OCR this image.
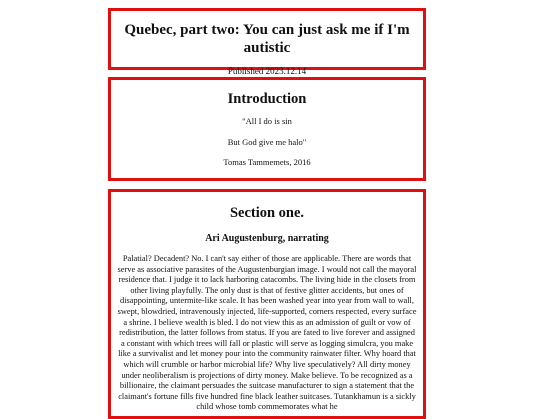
Quebec, part two: You can just ask me if I'm autistic

Published 2023.12.14

Introduction

"All I do is sin

But God give me halo"

Tomas Tammemets, 2016

Section one.
Ari Augustenburg, narrating

Palatial? Decadent? No. I can't say either of those are applicable. There are words that serve as associative parasites of the Augustenburgian image. I would not call the mayoral residence that. I judge it to lack harboring catacombs. The living hide in the closets from other living playfully. The only dust is that of festive glitter accidents, but ones of disappointing, untermite-like scale. It has been washed year into year from wall to wall, swept, blowdried, intravenously injected, life-supported, corners respected, every surface a shrine. I believe wealth is bled. I do not view this as an admission of guilt or vow of redistribution, the latter follows from status. If you are fated to live forever and assigned a constant with which trees will fall or plastic will serve as logging simulcra, you make like a survivalist and let money pour into the community rainwater filter. Why hoard that which will crumble or harbor microbial life? Why live speculatively? All dirty money under neoliberalism is projections of dirty money. Make believe. To be recognized as a billionaire, the claimant persuades the suitcase manufacturer to sign a statement that the claimant's fortune fills five hundred fine black leather suitcases. Tutankhamun is a sickly child whose tomb commemorates what he
